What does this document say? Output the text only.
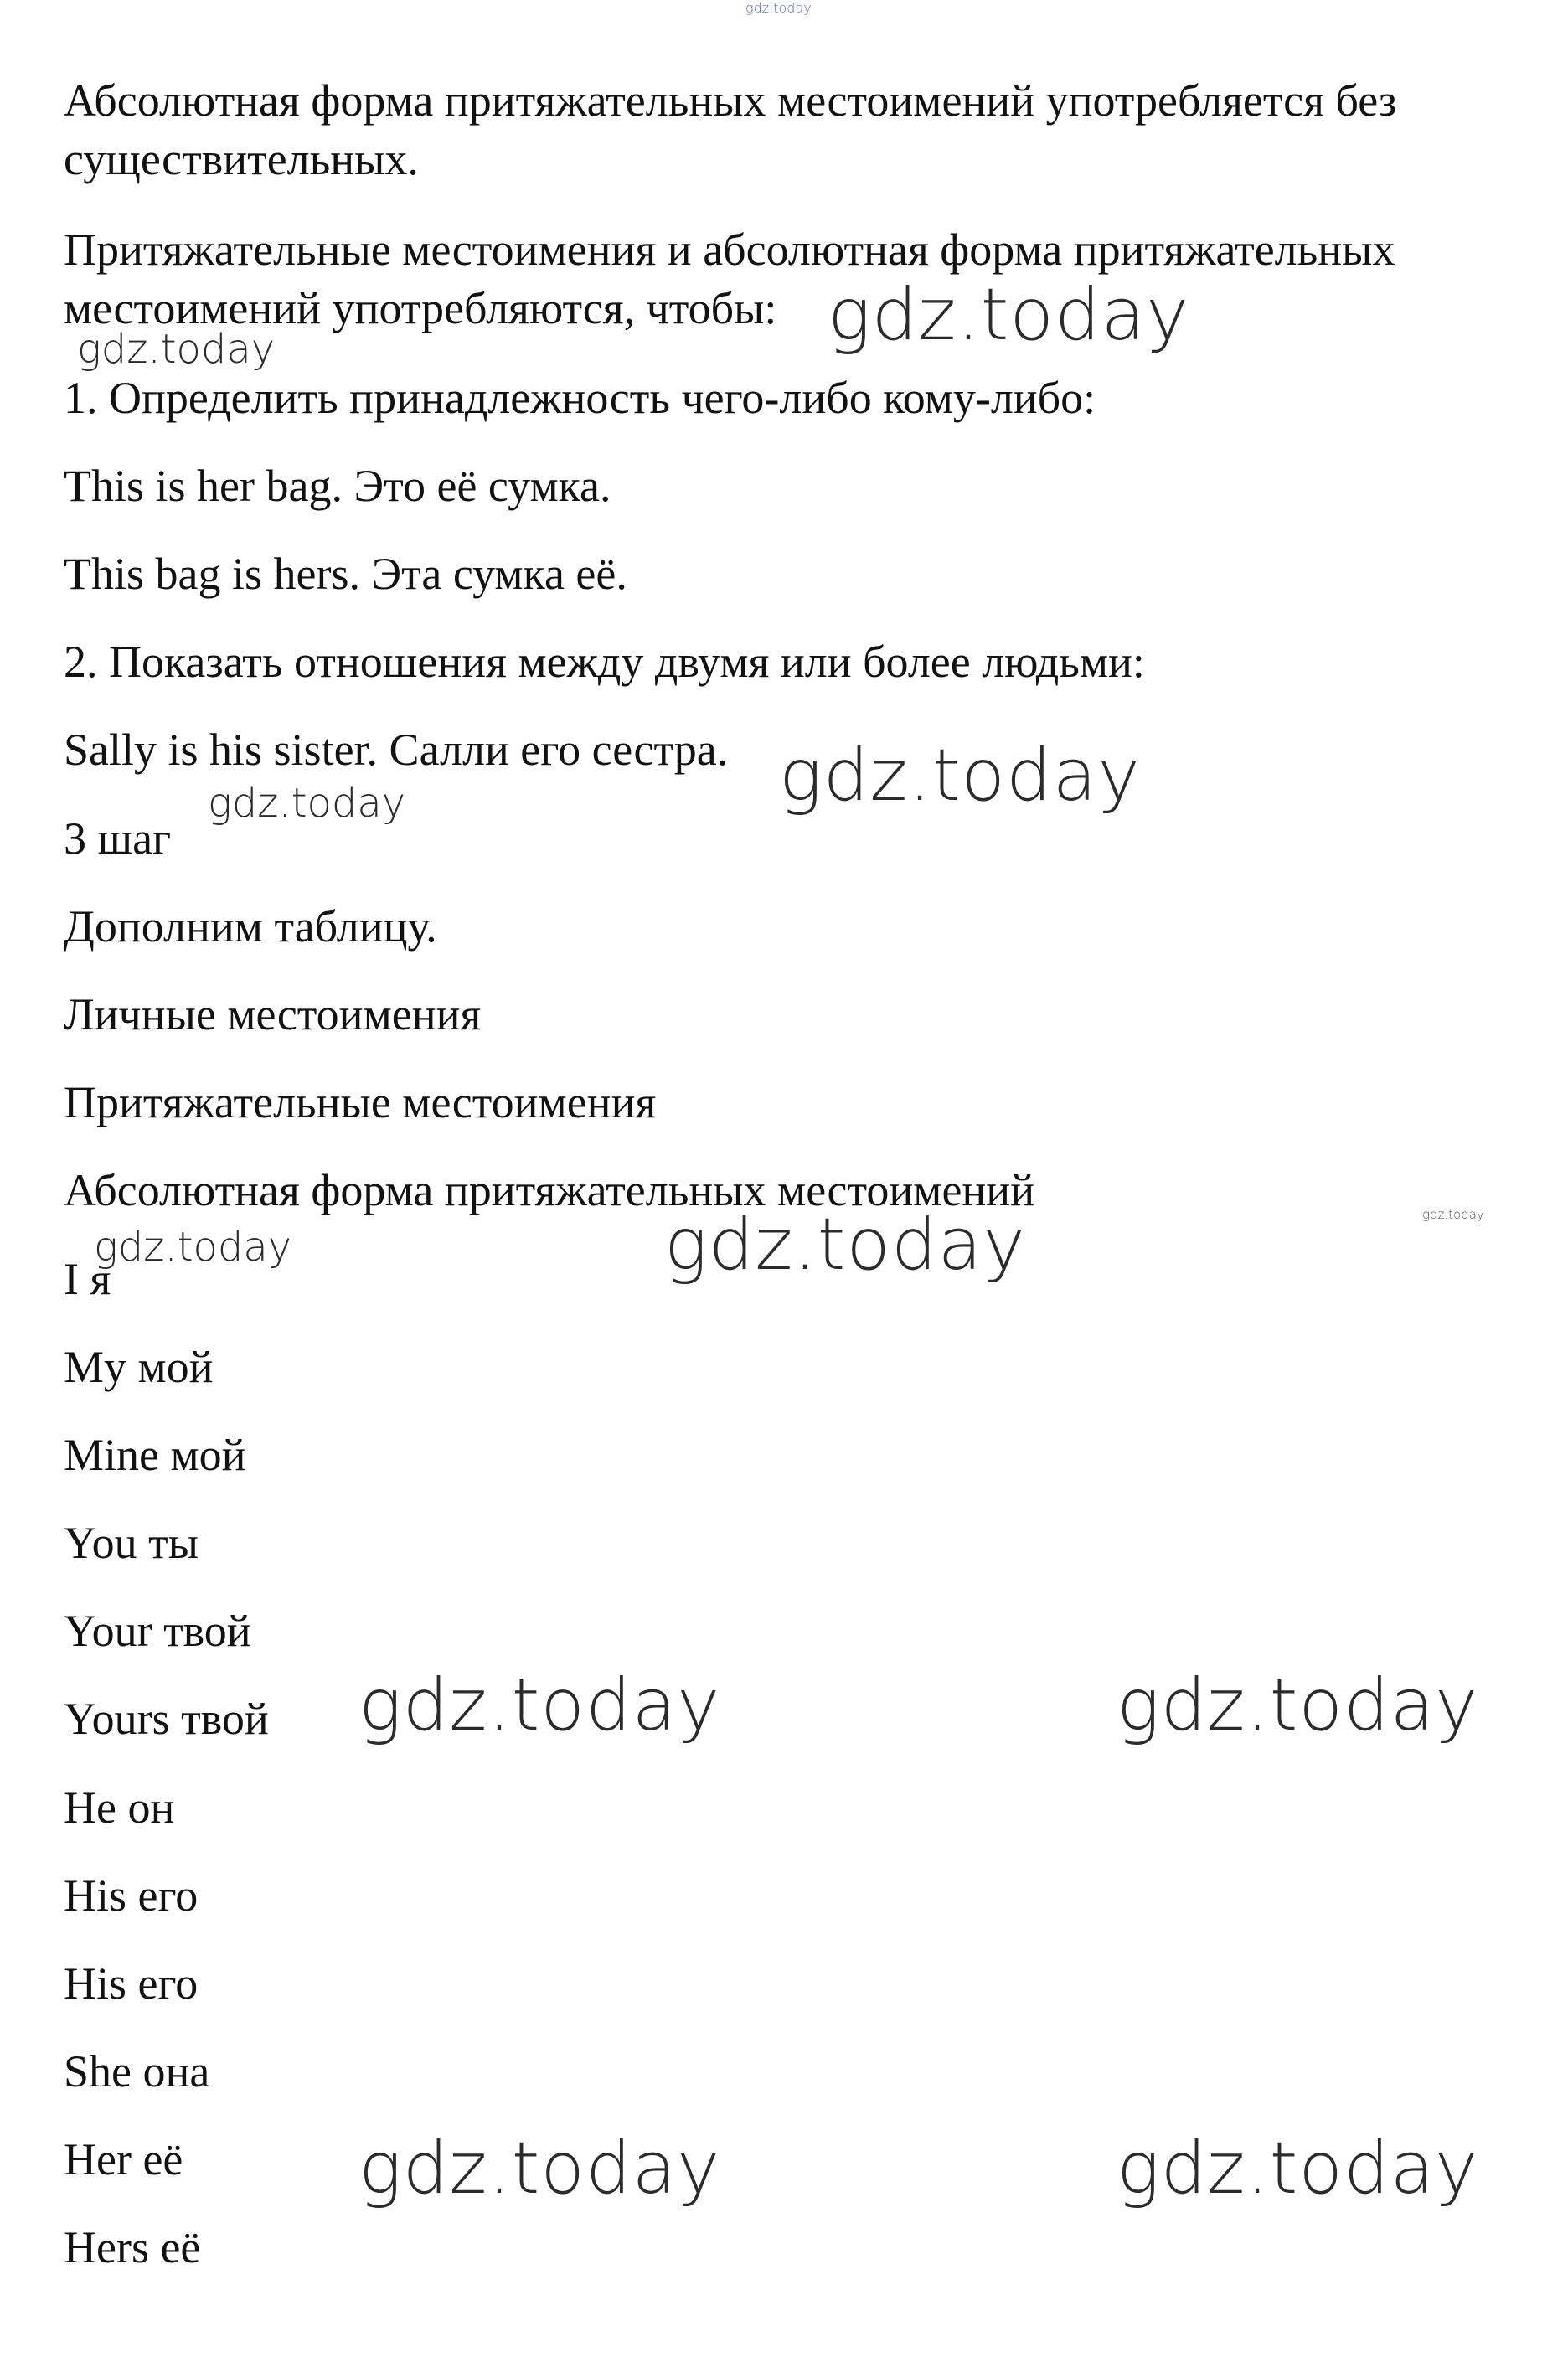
Абсолютная форма притяжательных местоимений употребляется без

существительных.

Притяжательные местоимения и абсолютная форма притяжательных

местоимений употребляются, чтобы:

1. Определить принадлежность чего-либо кому-либо:

This is her bag. Это её сумка.

This bag is hers. Эта сумка её.

2. Показать отношения между двумя или более людьми:

Sally is his sister. Салли его сестра.

3 шаг

Дополним таблицу.

Личные местоимения

Притяжательные местоимения

Абсолютная форма притяжательных местоимений

I я

My мой

Mine мой

You ты

Your твой

Yours твой

He он

His его

His его

She она

Her её

Hers её

gdz.today
gdz.today
gdz.today
gdz.today
gdz.today
gdz.today
gdz.today
gdz.today
gdz.today	gdz.today
gdz.today	gdz.today
